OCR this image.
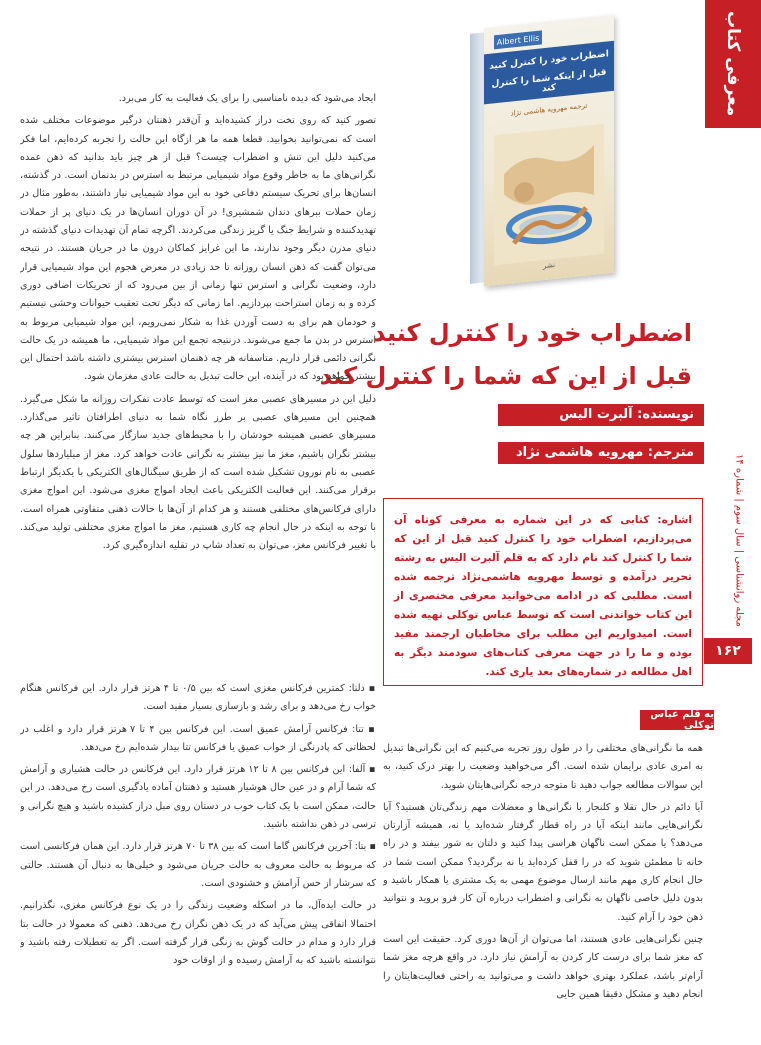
معرفی کتاب
مجله روانشناسی | سال سوم | شماره ۱۴
۱۶۲
Albert Ellis
اضطراب خود را کنترل کنید
قبل از اینکه شما را کنترل کند
ترجمه مهرویه هاشمی نژاد
نشر
اضطراب خود را کنترل کنید
قبل از این که شما را کنترل کند
نویسنده: آلبرت الیس
مترجم: مهرویه هاشمی نژاد

اشاره: کتابی که در این شماره به معرفی کوتاه آن می‌پردازیم، اضطراب خود را کنترل کنید قبل از این که شما را کنترل کند نام دارد که به قلم آلبرت الیس به رشته تحریر درآمده و توسط مهرویه هاشمی‌نژاد ترجمه شده است. مطلبی که در ادامه می‌خوانید معرفی مختصری از این کتاب خواندنی است که توسط عباس توکلی تهیه شده است. امیدواریم این مطلب برای مخاطبان ارجمند مفید بوده و ما را در جهت معرفی کتاب‌های سودمند دیگر به اهل مطالعه در شماره‌های بعد یاری کند.

ایجاد می‌شود که دیده نامناسبی را برای یک فعالیت به کار می‌برد.

تصور کنید که روی تخت دراز کشیده‌اید و آن‌قدر ذهنتان درگیر موضوعات مختلف شده است که نمی‌توانید بخوابید. قطعا همه ما هر ازگاه این حالت را تجربه کرده‌ایم، اما فکر می‌کنید دلیل این تنش و اضطراب چیست؟ قبل از هر چیز باید بدانید که ذهن عمده نگرانی‌های ما به خاطر وقوع مواد شیمیایی مرتبط به استرس در بدنمان است. در گذشته، انسان‌ها برای تحریک سیستم دفاعی خود به این مواد شیمیایی نیاز داشتند، به‌طور مثال در زمان حملات ببرهای دندان شمشیری! در آن دوران انسان‌ها در یک دنیای پر از حملات تهدیدکننده و شرایط جنگ یا گریز زندگی می‌کردند. اگرچه تمام آن تهدیدات دنیای گذشته در دنیای مدرن دیگر وجود ندارند، ما این غرایز کماکان درون ما در جریان هستند. در نتیجه می‌توان گفت که ذهن انسان روزانه تا حد زیادی در معرض هجوم این مواد شیمیایی قرار دارد، وضعیت نگرانی و استرس تنها زمانی از بین می‌رود که از تحریکات اضافی دوری کرده و به زمان استراحت بپردازیم. اما زمانی که دیگر تحت تعقیب حیوانات وحشی نیستیم و خودمان هم برای به دست آوردن غذا به شکار نمی‌رویم، این مواد شیمیایی مربوط به استرس در بدن ما جمع می‌شوند. درنتیجه تجمع این مواد شیمیایی، ما همیشه در یک حالت نگرانی دائمی قرار داریم. متاسفانه هر چه ذهنمان استرس بیشتری داشته باشد احتمال این بیشتر خواهد بود که در آینده، این حالت تبدیل به حالت عادی مغزمان شود.

دلیل این در مسیرهای عصبی مغز است که توسط عادت تفکرات روزانه ما شکل می‌گیرد. همچنین این مسیرهای عصبی بر طرز نگاه شما به دنیای اطرافتان تاثیر می‌گذارد. مسیرهای عصبی همیشه خودشان را با محیط‌های جدید سازگار می‌کنند. بنابراین هر چه بیشتر نگران باشیم، مغز ما نیز بیشتر به نگرانی عادت خواهد کرد. مغز از میلیاردها سلول عصبی به نام نورون تشکیل شده است که از طریق سیگنال‌های الکتریکی با یکدیگر ارتباط برقرار می‌کنند. این فعالیت الکتریکی باعث ایجاد امواج مغزی می‌شود. این امواج مغزی دارای فرکانس‌های مختلفی هستند و هر کدام از آن‌ها با حالات ذهنی متفاوتی همراه است. با توجه به اینکه در حال انجام چه کاری هستیم، مغز ما امواج مغزی مختلفی تولید می‌کند. با تغییر فرکانس مغز، می‌توان به تعداد شاپ در تقلیه اندازه‌گیری کرد.

▪ دلتا: کمترین فرکانس مغزی است که بین ۰/۵ تا ۴ هرتز قرار دارد. این فرکانس هنگام خواب رخ می‌دهد و برای رشد و بازسازی بسیار مفید است.

▪ تتا: فرکانس آرامش عمیق است. این فرکانس بین ۴ تا ۷ هرتز قرار دارد و اغلب در لحظاتی که پادرنگی از خواب عمیق یا فرکانس تتا بیدار شده‌ایم رخ می‌دهد.

▪ آلفا: این فرکانس بین ۸ تا ۱۲ هرتز قرار دارد. این فرکانس در حالت هشیاری و آرامش که شما آرام و در عین حال هوشیار هستید و ذهنتان آماده یادگیری است رخ می‌دهد. در این حالت، ممکن است با یک کتاب خوب در دستان روی مبل دراز کشیده باشید و هیچ نگرانی و ترسی در ذهن نداشته باشید.

▪ بتا: آخرین فرکانس گاما است که بین ۳۸ تا ۷۰ هرتز قرار دارد. این همان فرکانسی است که مربوط به حالت معروف به حالت جریان می‌شود و خیلی‌ها به دنبال آن هستند. حالتی که سرشار از حس آرامش و خشنودی است.

در حالت ایده‌آل، ما در اسکله وضعیت زندگی را در یک نوع فرکانس مغزی، نگذرانیم. احتمالا اتفاقی پیش می‌آید که در یک ذهن نگران رخ می‌دهد. ذهنی که معمولا در حالت بتا قرار دارد و مدام در حالت گوش به زنگی قرار گرفته است. اگر به تعطیلات رفته باشید و نتوانسته باشید که به آرامش رسیده و از اوقات خود

به قلم عباس توکلی

همه ما نگرانی‌های مختلفی را در طول روز تجربه می‌کنیم که این نگرانی‌ها تبدیل به امری عادی برایمان شده است. اگر می‌خواهید وضعیت را بهتر درک کنید، به این سوالات مطالعه جواب دهید تا متوجه درجه نگرانی‌هایتان شوید.

آیا دائم در حال تقلا و کلنجار با نگرانی‌ها و معضلات مهم زندگی‌تان هستید؟ آیا نگرانی‌هایی مانند اینکه آیا در راه قطار گرفتار شده‌اید یا نه، همیشه آزارتان می‌دهد؟ یا ممکن است ناگهان هراسی پیدا کنید و دلتان به شور بیفتد و در راه خانه تا مطمئن شوید که در را قفل کرده‌اید یا نه برگردید؟ ممکن است شما در حال انجام کاری مهم مانند ارسال موضوع مهمی به یک مشتری یا همکار باشید و بدون دلیل خاصی ناگهان به نگرانی و اضطراب درباره آن کار فرو بروید و نتوانید ذهن خود را آرام کنید.

چنین نگرانی‌هایی عادی هستند، اما می‌توان از آن‌ها دوری کرد. حقیقت این است که مغز شما برای درست کار کردن به آرامش نیاز دارد. در واقع هرچه مغز شما آرام‌تر باشد، عملکرد بهتری خواهد داشت و می‌توانید به راحتی فعالیت‌هایتان را انجام دهید و مشکل دقیقا همین جایی
